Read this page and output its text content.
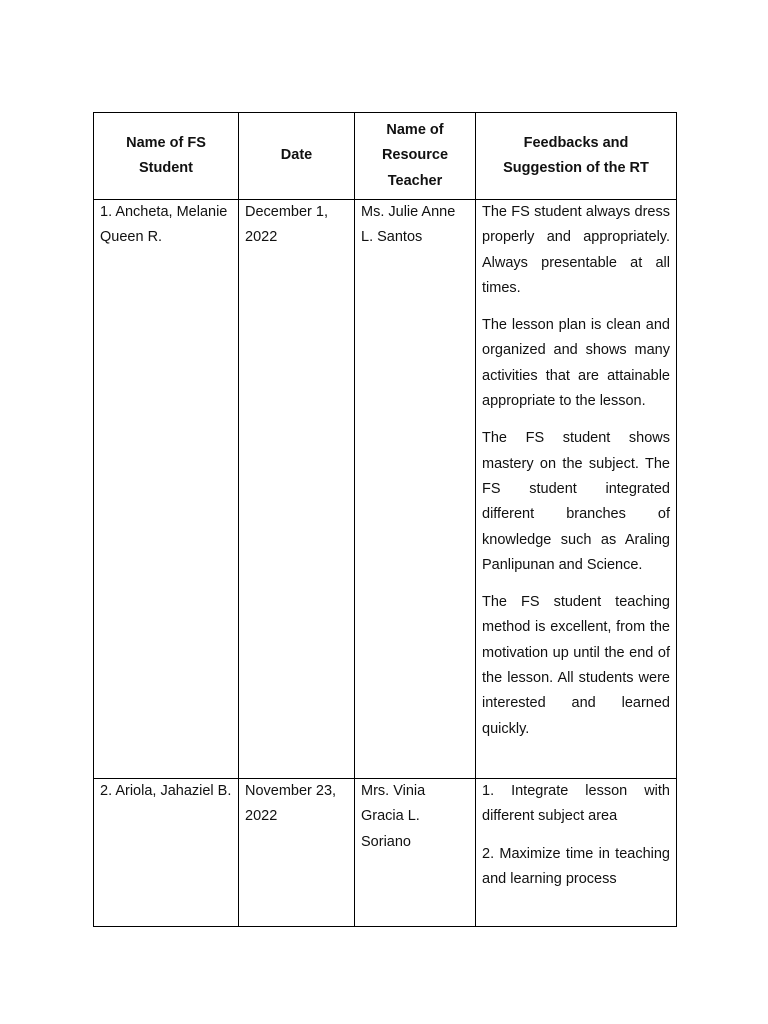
Name of FS Student	Date	Name of Resource Teacher	Feedbacks and Suggestion of the RT

1. Ancheta, Melanie Queen R.	December 1, 2022	Ms. Julie Anne L. Santos	The FS student always dress properly and appropriately. Always presentable at all times.
The lesson plan is clean and organized and shows many activities that are attainable appropriate to the lesson.
The FS student shows mastery on the subject. The FS student integrated different branches of knowledge such as Araling Panlipunan and Science.
The FS student teaching method is excellent, from the motivation up until the end of the lesson. All students were interested and learned quickly.

2. Ariola, Jahaziel B.	November 23, 2022	Mrs. Vinia Gracia L. Soriano	1. Integrate lesson with different subject area
2. Maximize time in teaching and learning process
